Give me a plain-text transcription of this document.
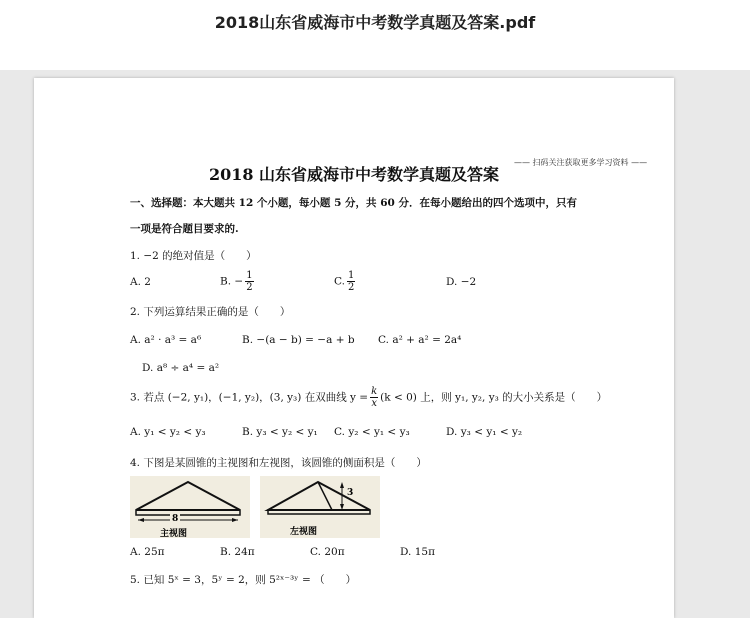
2018山东省威海市中考数学真题及答案.pdf
—— 扫码关注获取更多学习资料 ——
2018 山东省威海市中考数学真题及答案
一、选择题：本大题共 12 个小题，每小题 5 分，共 60 分．在每小题给出的四个选项中，只有
一项是符合题目要求的.
1. −2 的绝对值是（　　）
A. 2	B. − $\frac{1}{2}$	C. $\frac{1}{2}$	D. −2
2. 下列运算结果正确的是（　　）
A. a² · a³ = a⁶	B. −(a − b) = −a + b C. a² + a² = 2a⁴
D. a⁸ ÷ a⁴ = a²
3. 若点 (−2, y₁)，(−1, y₂)，(3, y₃) 在双曲线 $y = \frac{k}{x} (k < 0)$ 上，则 y₁, y₂, y₃ 的大小关系是（　　）
A. y₁ < y₂ < y₃	B. y₃ < y₂ < y₁ C. y₂ < y₁ < y₃	D. y₃ < y₁ < y₂
4. 下图是某圆锥的主视图和左视图，该圆锥的侧面积是（　　）
8
主视图
3
左视图
A. 25π	B. 24π	C. 20π	D. 15π
5. 已知 5ˣ = 3，5ʸ = 2，则 5²ˣ⁻³ʸ = （　　）
